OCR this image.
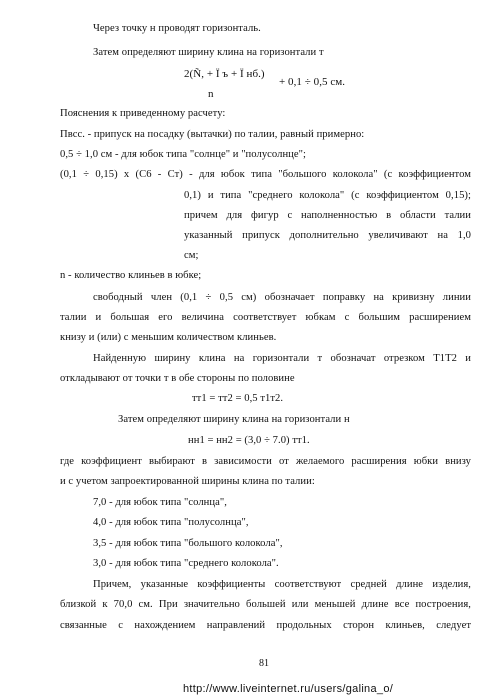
Через точку н проводят горизонталь.
Затем определяют ширину клина на горизонтали т
2(Ñ, + Ï ъ + Ï нб.)
n
+ 0,1 ÷ 0,5 см.
Пояснения к приведенному расчету:
Пвсс. - припуск на посадку (вытачки) по талии, равный примерно:
0,5 ÷ 1,0 см - для юбок типа "солнце" и "полусолнце";
(0,1 ÷ 0,15) х (С6 - Ст) - для юбок типа "большого колокола" (с коэффициентом
0,1) и типа "среднего колокола" (с коэффициентом 0,15);
причем для фигур с наполненностью в области талии
указанный припуск дополнительно увеличивают на 1,0
см;
n - количество клиньев в юбке;
свободный член (0,1 ÷ 0,5 см) обозначает поправку на кривизну линии
талии и большая его величина соответствует юбкам с большим расширением
книзу и (или) с меньшим количеством клиньев.
Найденную ширину клина на горизонтали т обозначат отрезком Т1Т2 и
откладывают от точки т в обе стороны по половине
тт1 = тт2 = 0,5 т1т2.
Затем определяют ширину клина на горизонтали н
нн1 = нн2 = (3,0 ÷ 7.0) тт1.
где коэффициент выбирают в зависимости от желаемого расширения юбки внизу
и с учетом запроектированной ширины клина по талии:
7,0 - для юбок типа "солнца",
4,0 - для юбок типа "полусолнца",
3,5 - для юбок типа "большого колокола",
3,0 - для юбок типа "среднего колокола".
Причем, указанные коэффициенты соответствуют средней длине изделия,
близкой к 70,0 см. При значительно большей или меньшей длине все построения,
связанные с нахождением направлений продольных сторон клиньев, следует
81
http://www.liveinternet.ru/users/galina_o/
